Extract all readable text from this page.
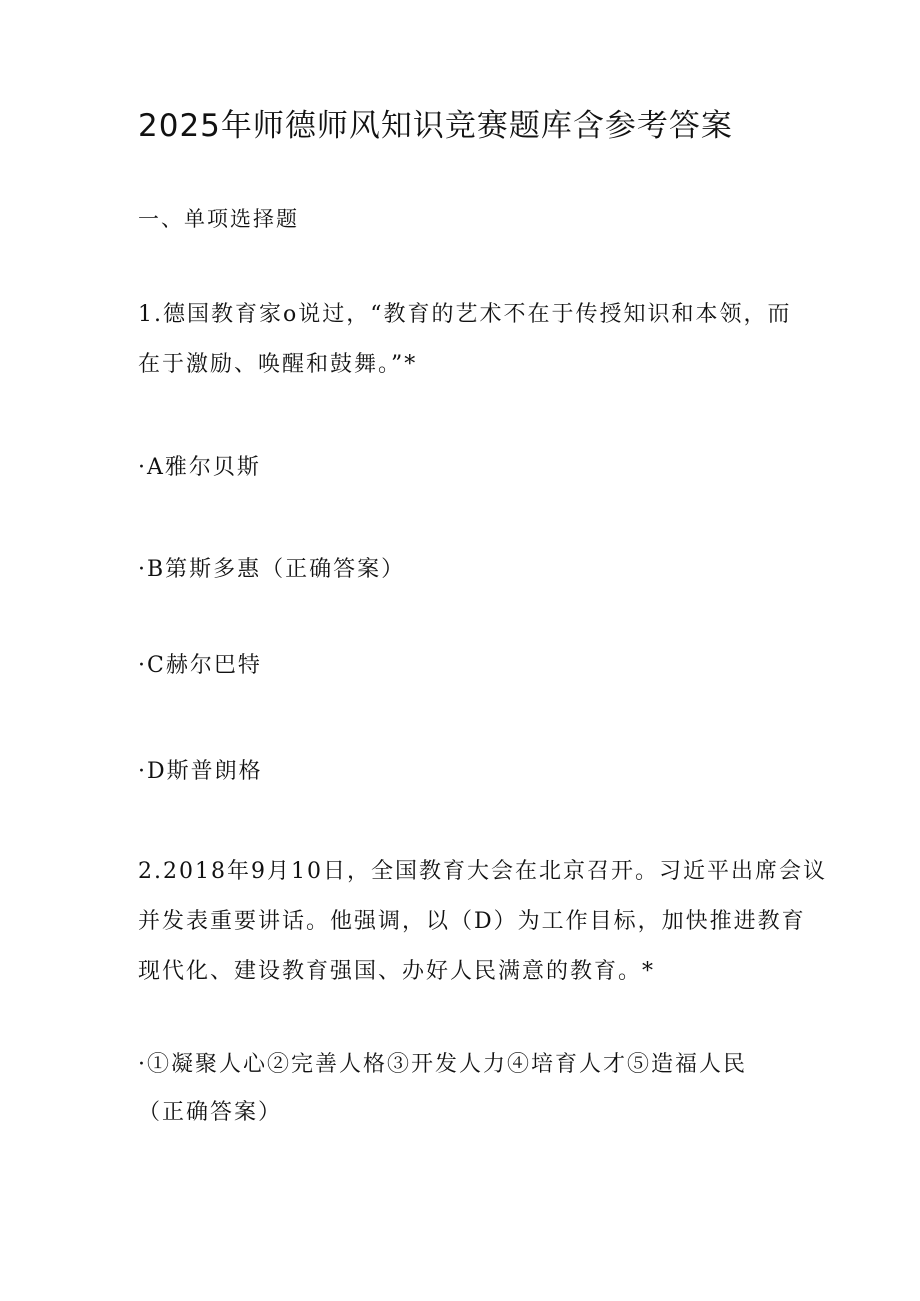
2025年师德师风知识竞赛题库含参考答案

一、单项选择题

1.德国教育家o说过，“教育的艺术不在于传授知识和本领，而

在于激励、唤醒和鼓舞。”*

·A雅尔贝斯

·B第斯多惠（正确答案）

·C赫尔巴特

·D斯普朗格

2.2018年9月10日，全国教育大会在北京召开。习近平出席会议

并发表重要讲话。他强调，以（D）为工作目标，加快推进教育

现代化、建设教育强国、办好人民满意的教育。*

·①凝聚人心②完善人格③开发人力④培育人才⑤造福人民

（正确答案）
